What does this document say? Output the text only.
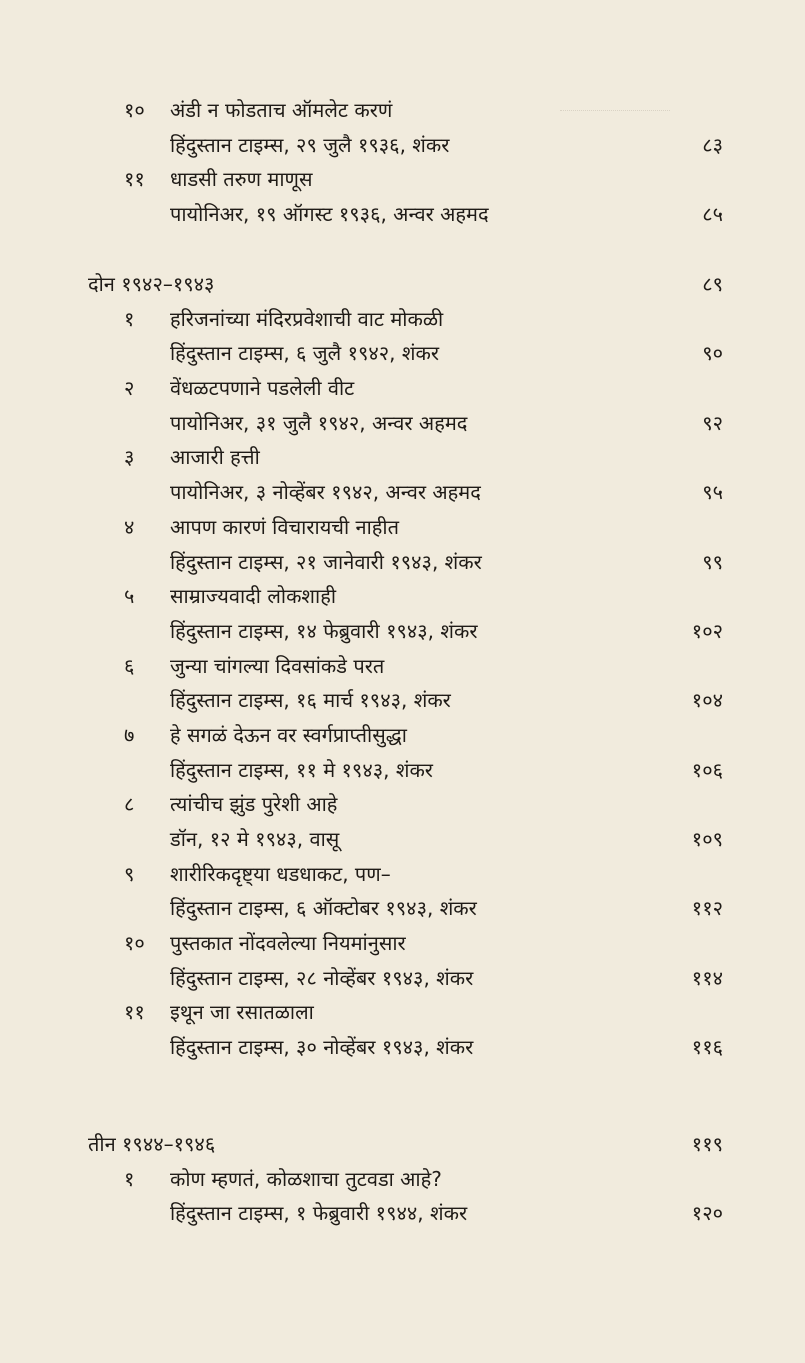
१० अंडी न फोडताच ऑमलेट करणं
हिंदुस्तान टाइम्स, २९ जुलै १९३६, शंकर	८३
११ धाडसी तरुण माणूस
पायोनिअर, १९ ऑगस्ट १९३६, अन्वर अहमद	८५
दोन १९४२–१९४३	८९
१ हरिजनांच्या मंदिरप्रवेशाची वाट मोकळी
हिंदुस्तान टाइम्स, ६ जुलै १९४२, शंकर	९०
२ वेंधळटपणाने पडलेली वीट
पायोनिअर, ३१ जुलै १९४२, अन्वर अहमद	९२
३ आजारी हत्ती
पायोनिअर, ३ नोव्हेंबर १९४२, अन्वर अहमद	९५
४ आपण कारणं विचारायची नाहीत
हिंदुस्तान टाइम्स, २१ जानेवारी १९४३, शंकर	९९
५ साम्राज्यवादी लोकशाही
हिंदुस्तान टाइम्स, १४ फेब्रुवारी १९४३, शंकर	१०२
६ जुन्या चांगल्या दिवसांकडे परत
हिंदुस्तान टाइम्स, १६ मार्च १९४३, शंकर	१०४
७ हे सगळं देऊन वर स्वर्गप्राप्तीसुद्धा
हिंदुस्तान टाइम्स, ११ मे १९४३, शंकर	१०६
८ त्यांचीच झुंड पुरेशी आहे
डॉन, १२ मे १९४३, वासू	१०९
९ शारीरिकदृष्ट्या धडधाकट, पण–
हिंदुस्तान टाइम्स, ६ ऑक्टोबर १९४३, शंकर	११२
१० पुस्तकात नोंदवलेल्या नियमांनुसार
हिंदुस्तान टाइम्स, २८ नोव्हेंबर १९४३, शंकर	११४
११ इथून जा रसातळाला
हिंदुस्तान टाइम्स, ३० नोव्हेंबर १९४३, शंकर	११६
तीन १९४४–१९४६	११९
१ कोण म्हणतं, कोळशाचा तुटवडा आहे?
हिंदुस्तान टाइम्स, १ फेब्रुवारी १९४४, शंकर	१२०
